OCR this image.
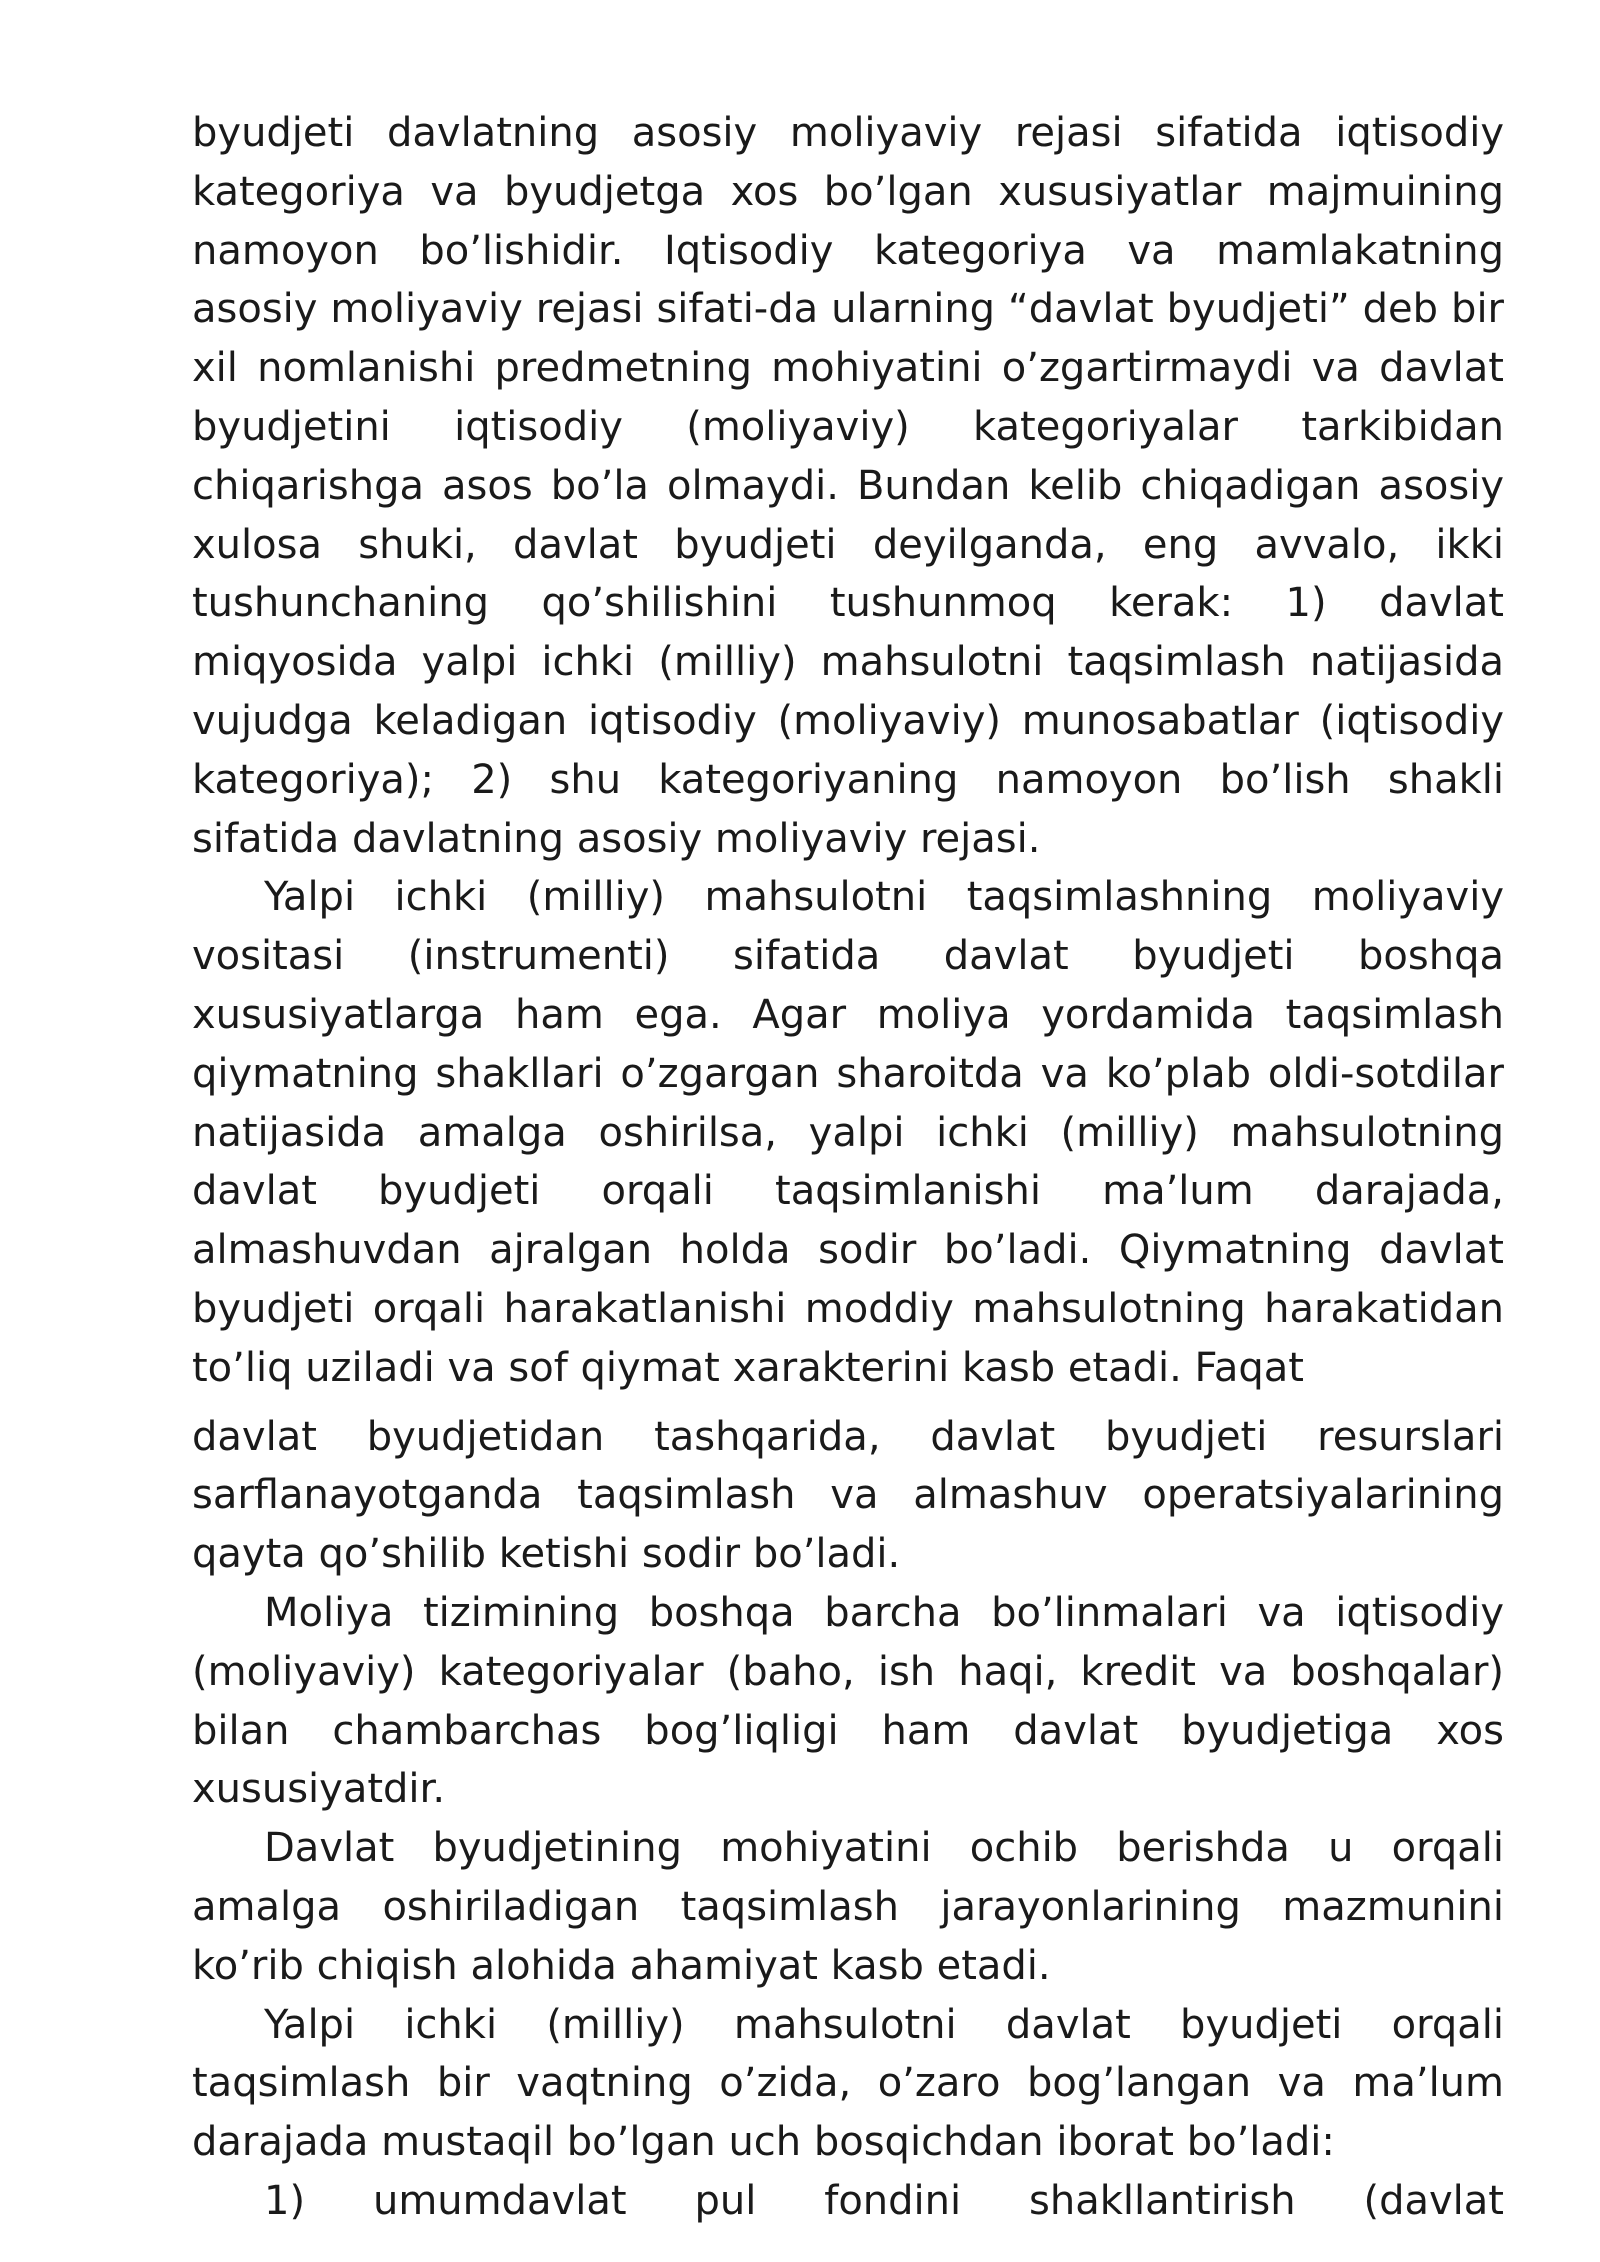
byudjeti davlatning asosiy moliyaviy rejasi sifatida iqtisodiy
kategoriya va byudjetga xos bo’lgan xususiyatlar majmuining
namoyon bo’lishidir. Iqtisodiy kategoriya va mamlakatning
asosiy moliyaviy rejasi sifati-da ularning “davlat byudjeti” deb bir
xil nomlanishi predmetning mohiyatini o’zgartirmaydi va davlat
byudjetini iqtisodiy (moliyaviy) kategoriyalar tarkibidan
chiqarishga asos bo’la olmaydi. Bundan kelib chiqadigan asosiy
xulosa shuki, davlat byudjeti deyilganda, eng avvalo, ikki
tushunchaning qo’shilishini tushunmoq kerak: 1) davlat
miqyosida yalpi ichki (milliy) mahsulotni taqsimlash natijasida
vujudga keladigan iqtisodiy (moliyaviy) munosabatlar (iqtisodiy
kategoriya); 2) shu kategoriyaning namoyon bo’lish shakli
sifatida davlatning asosiy moliyaviy rejasi.
Yalpi ichki (milliy) mahsulotni taqsimlashning moliyaviy
vositasi (instrumenti) sifatida davlat byudjeti boshqa
xususiyatlarga ham ega. Agar moliya yordamida taqsimlash
qiymatning shakllari o’zgargan sharoitda va ko’plab oldi-sotdilar
natijasida amalga oshirilsa, yalpi ichki (milliy) mahsulotning
davlat byudjeti orqali taqsimlanishi ma’lum darajada,
almashuvdan ajralgan holda sodir bo’ladi. Qiymatning davlat
byudjeti orqali harakatlanishi moddiy mahsulotning harakatidan
to’liq uziladi va sof qiymat xarakterini kasb etadi. Faqat
davlat byudjetidan tashqarida, davlat byudjeti resurslari
sarflanayotganda taqsimlash va almashuv operatsiyalarining
qayta qo’shilib ketishi sodir bo’ladi.
Moliya tizimining boshqa barcha bo’linmalari va iqtisodiy
(moliyaviy) kategoriyalar (baho, ish haqi, kredit va boshqalar)
bilan chambarchas bog’liqligi ham davlat byudjetiga xos
xususiyatdir.
Davlat byudjetining mohiyatini ochib berishda u orqali
amalga oshiriladigan taqsimlash jarayonlarining mazmunini
ko’rib chiqish alohida ahamiyat kasb etadi.
Yalpi ichki (milliy) mahsulotni davlat byudjeti orqali
taqsimlash bir vaqtning o’zida, o’zaro bog’langan va ma’lum
darajada mustaqil bo’lgan uch bosqichdan iborat bo’ladi:
1) umumdavlat pul fondini shakllantirish (davlat
